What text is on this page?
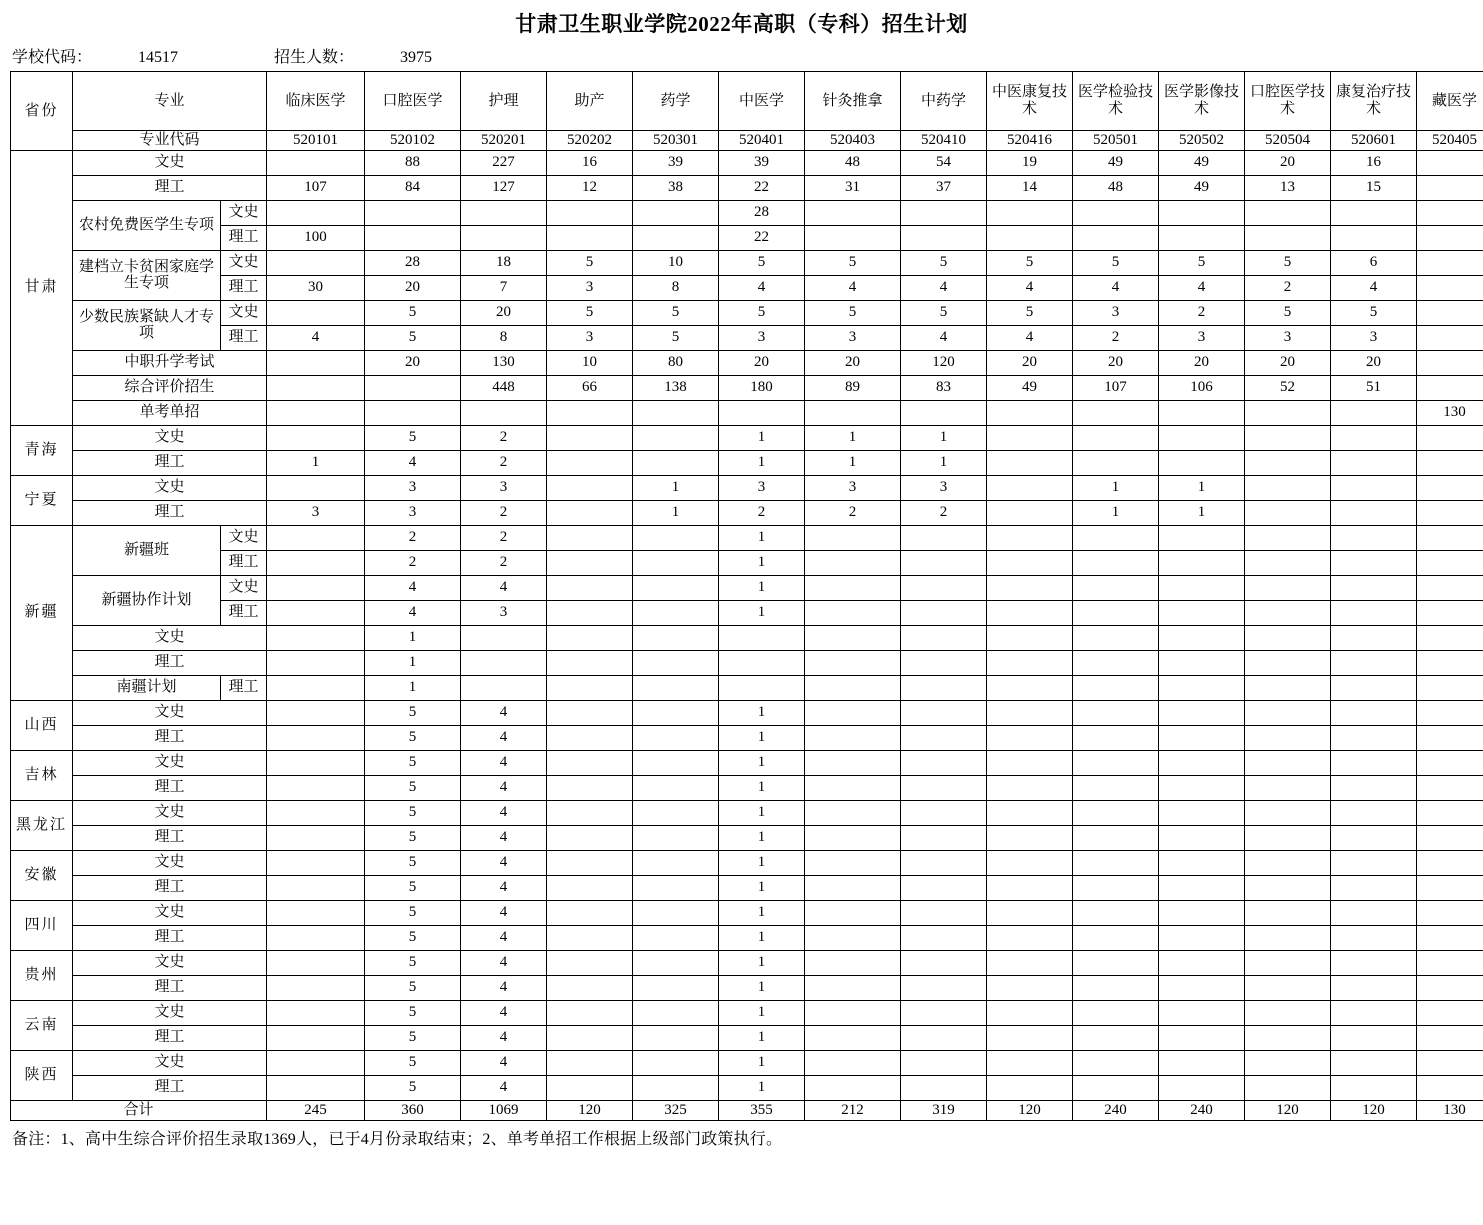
甘肃卫生职业学院2022年高职（专科）招生计划
学校代码：	14517	招生人数：	3975
省份	专业		临床医学	口腔医学	护理	助产	药学	中医学	针灸推拿	中药学	中医康复技术	医学检验技术	医学影像技术	口腔医学技术	康复治疗技术	藏医学
	专业代码		520101	520102	520201	520202	520301	520401	520403	520410	520416	520501	520502	520504	520601	520405
甘肃	文史			88	227	16	39	39	48	54	19	49	49	20	16	
	理工		107	84	127	12	38	22	31	37	14	48	49	13	15	
	农村免费医学生专项	文史						28								
		理工	100					22								
	建档立卡贫困家庭学生专项	文史		28	18	5	10	5	5	5	5	5	5	5	6	
		理工	30	20	7	3	8	4	4	4	4	4	4	2	4	
	少数民族紧缺人才专项	文史		5	20	5	5	5	5	5	5	3	2	5	5	
		理工	4	5	8	3	5	3	3	4	4	2	3	3	3	
	中职升学考试			20	130	10	80	20	20	120	20	20	20	20	20	
	综合评价招生				448	66	138	180	89	83	49	107	106	52	51	
	单考单招															130
青海	文史			5	2			1	1	1						
	理工		1	4	2			1	1	1						
宁夏	文史			3	3		1	3	3	3		1	1			
	理工		3	3	2		1	2	2	2		1	1			
新疆	新疆班	文史		2	2			1								
		理工		2	2			1								
	新疆协作计划	文史		4	4			1								
		理工		4	3			1								
	文史			1												
	理工			1												
	南疆计划	理工		1												
山西	文史			5	4			1								
	理工			5	4			1								
吉林	文史			5	4			1								
	理工			5	4			1								
黑龙江	文史			5	4			1								
	理工			5	4			1								
安徽	文史			5	4			1								
	理工			5	4			1								
四川	文史			5	4			1								
	理工			5	4			1								
贵州	文史			5	4			1								
	理工			5	4			1								
云南	文史			5	4			1								
	理工			5	4			1								
陕西	文史			5	4			1								
	理工			5	4			1								
合计			245	360	1069	120	325	355	212	319	120	240	240	120	120	130
备注：1、高中生综合评价招生录取1369人，已于4月份录取结束；2、单考单招工作根据上级部门政策执行。
